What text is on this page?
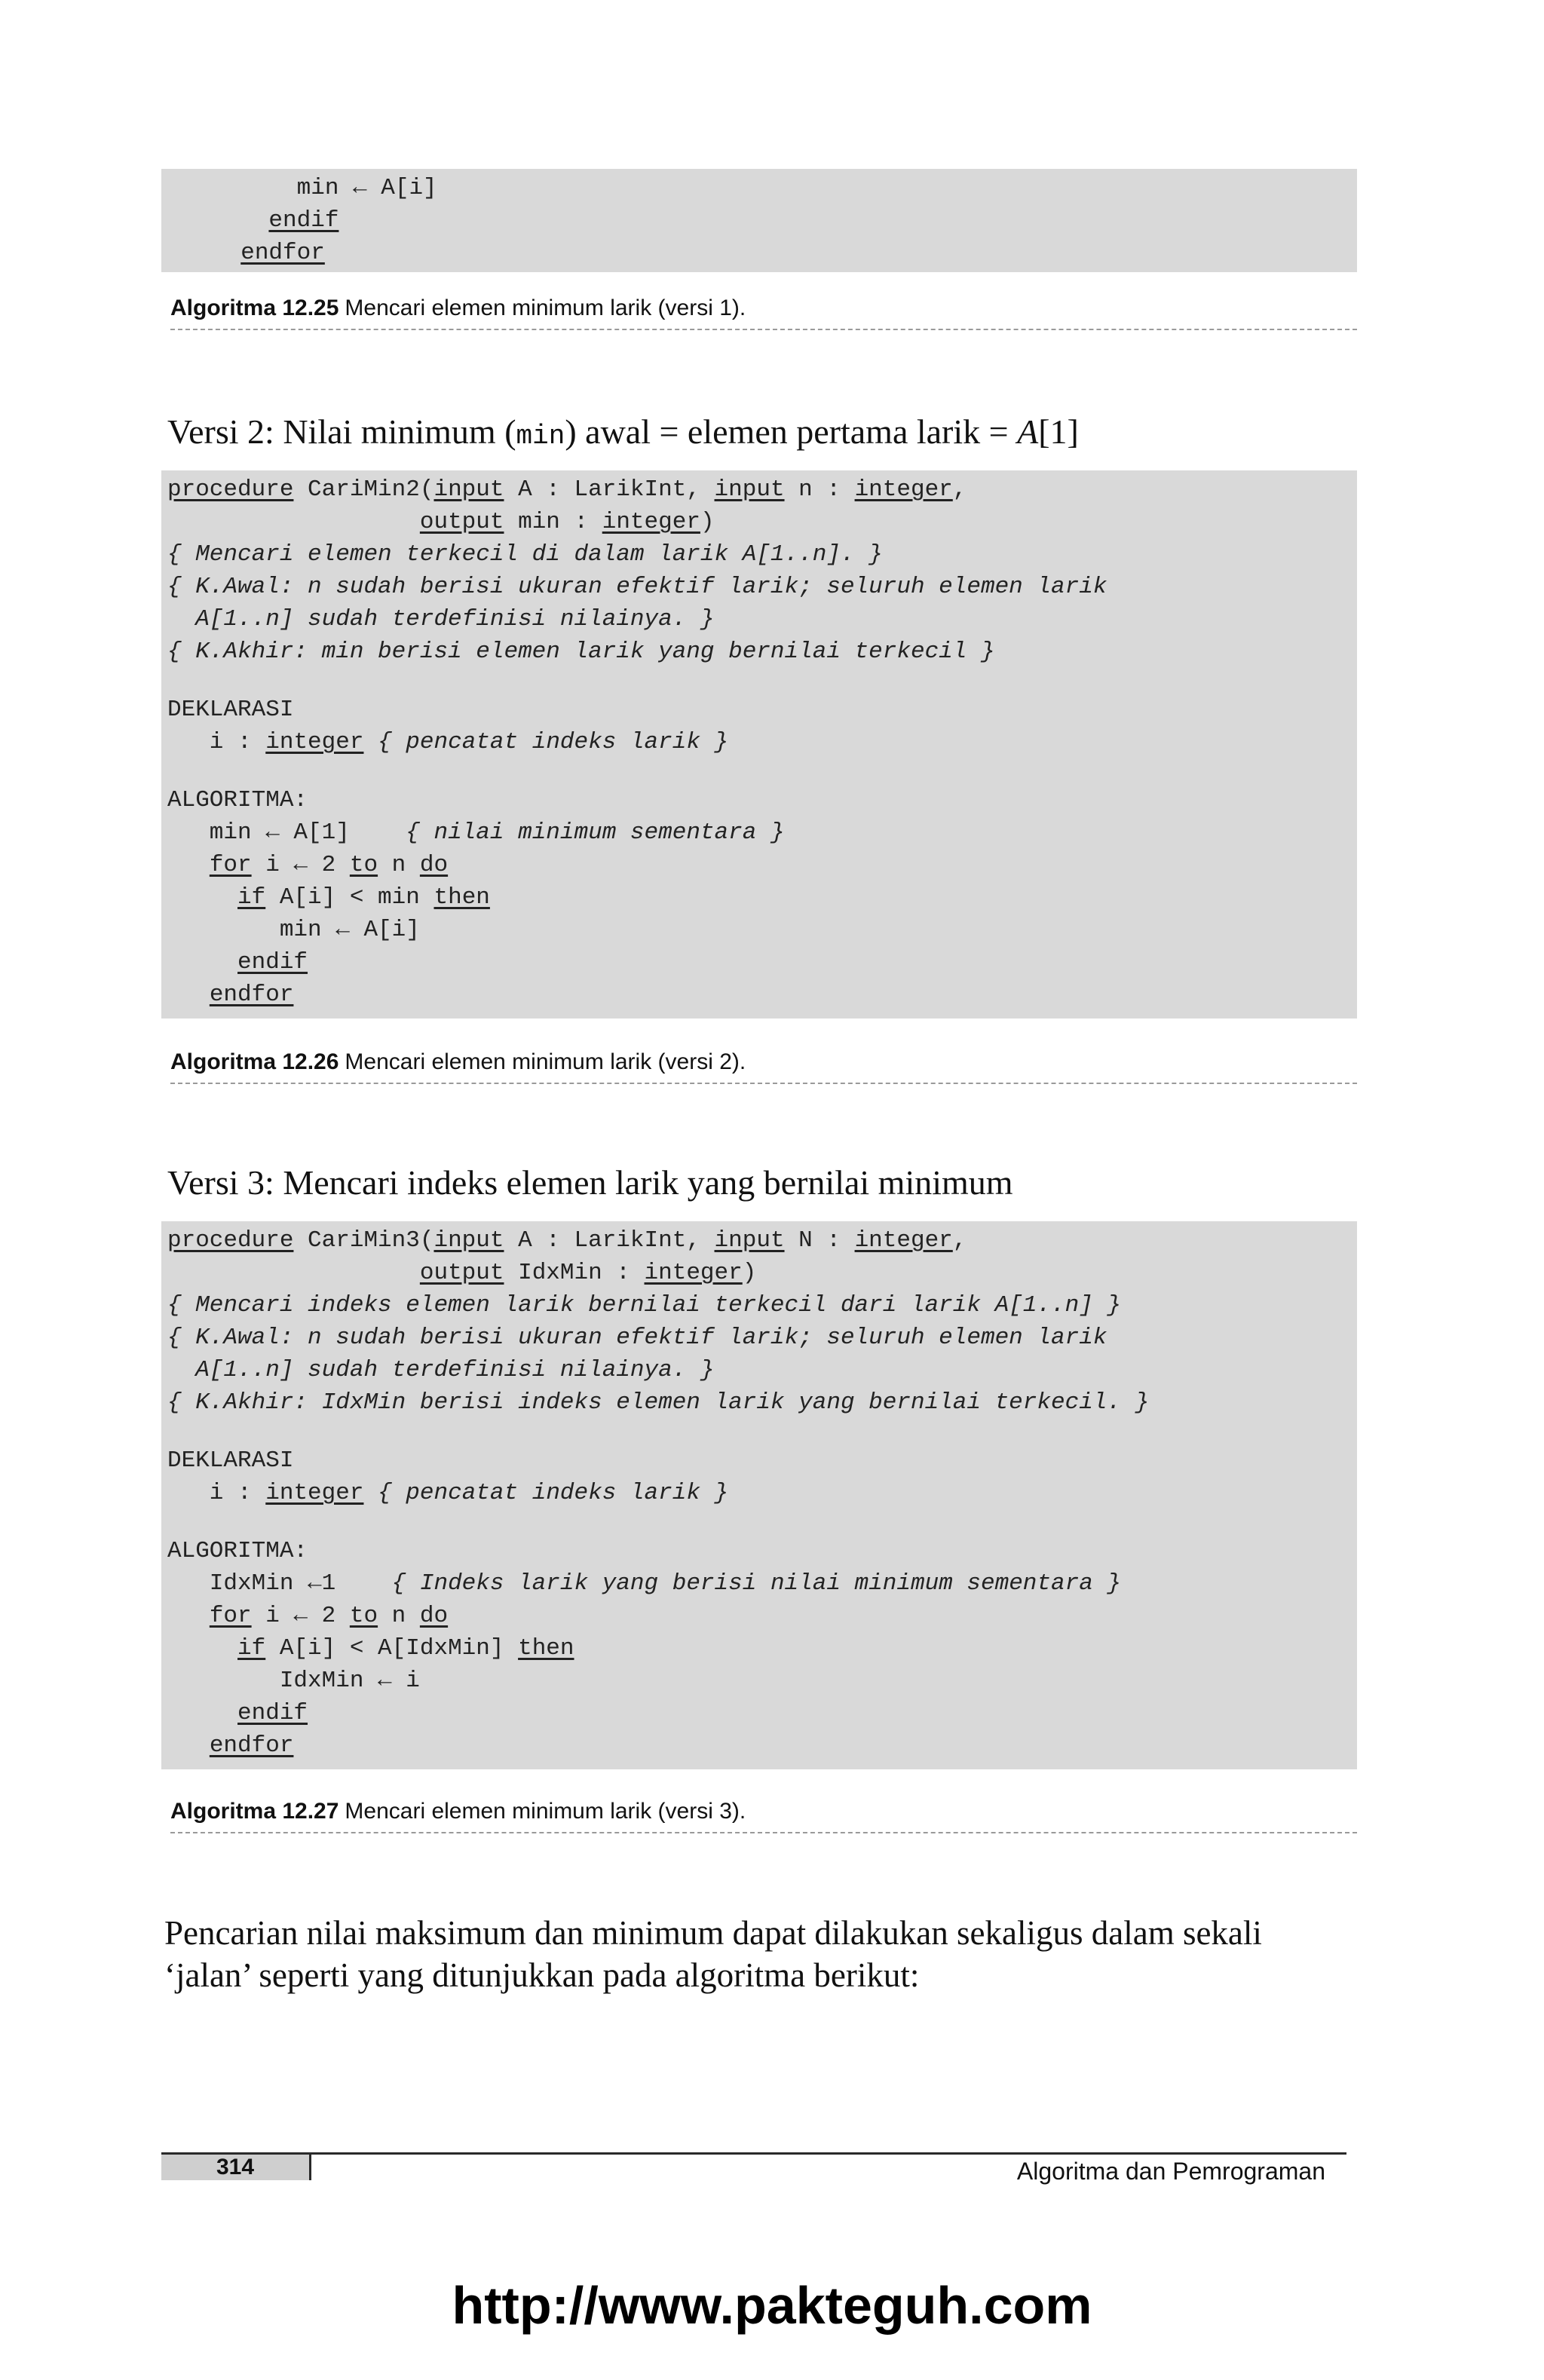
min ← A[i]
endif
endfor
Algoritma 12.25 Mencari elemen minimum larik (versi 1).
Versi 2: Nilai minimum (min) awal = elemen pertama larik = A[1]
procedure CariMin2(input A : LarikInt, input n : integer,
output min : integer)
{ Mencari elemen terkecil di dalam larik A[1..n]. }
{ K.Awal: n sudah berisi ukuran efektif larik; seluruh elemen larik
A[1..n] sudah terdefinisi nilainya. }
{ K.Akhir: min berisi elemen larik yang bernilai terkecil }
DEKLARASI
i : integer { pencatat indeks larik }
ALGORITMA:
min ← A[1]    { nilai minimum sementara }
for i ← 2 to n do
if A[i] < min then
min ← A[i]
endif
endfor
Algoritma 12.26 Mencari elemen minimum larik (versi 2).
Versi 3: Mencari indeks elemen larik yang bernilai minimum
procedure CariMin3(input A : LarikInt, input N : integer,
output IdxMin : integer)
{ Mencari indeks elemen larik bernilai terkecil dari larik A[1..n] }
{ K.Awal: n sudah berisi ukuran efektif larik; seluruh elemen larik
A[1..n] sudah terdefinisi nilainya. }
{ K.Akhir: IdxMin berisi indeks elemen larik yang bernilai terkecil. }
DEKLARASI
i : integer { pencatat indeks larik }
ALGORITMA:
IdxMin ←1    { Indeks larik yang berisi nilai minimum sementara }
for i ← 2 to n do
if A[i] < A[IdxMin] then
IdxMin ← i
endif
endfor
Algoritma 12.27 Mencari elemen minimum larik (versi 3).
Pencarian nilai maksimum dan minimum dapat dilakukan sekaligus dalam sekali ‘jalan’ seperti yang ditunjukkan pada algoritma berikut:
314	Algoritma dan Pemrograman
http://www.pakteguh.com
